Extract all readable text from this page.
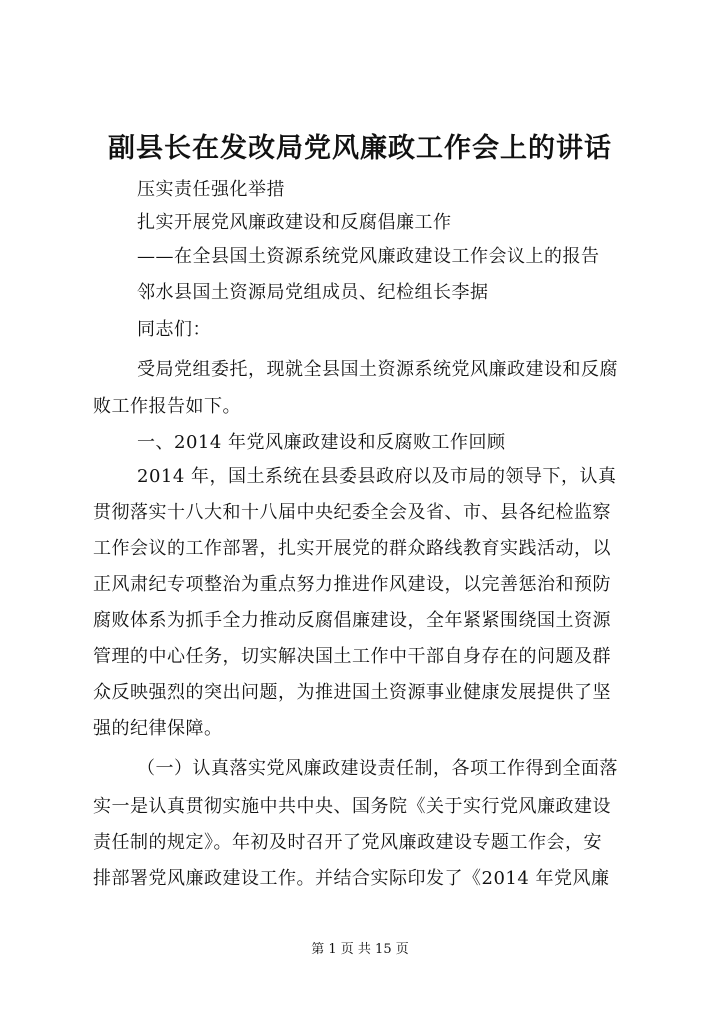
副县长在发改局党风廉政工作会上的讲话
压实责任强化举措
扎实开展党风廉政建设和反腐倡廉工作
——在全县国土资源系统党风廉政建设工作会议上的报告
邻水县国土资源局党组成员、纪检组长李据
同志们：
受局党组委托，现就全县国土资源系统党风廉政建设和反腐
败工作报告如下。
一、2014 年党风廉政建设和反腐败工作回顾
2014 年，国土系统在县委县政府以及市局的领导下，认真
贯彻落实十八大和十八届中央纪委全会及省、市、县各纪检监察
工作会议的工作部署，扎实开展党的群众路线教育实践活动，以
正风肃纪专项整治为重点努力推进作风建设，以完善惩治和预防
腐败体系为抓手全力推动反腐倡廉建设，全年紧紧围绕国土资源
管理的中心任务，切实解决国土工作中干部自身存在的问题及群
众反映强烈的突出问题，为推进国土资源事业健康发展提供了坚
强的纪律保障。
（一）认真落实党风廉政建设责任制，各项工作得到全面落
实一是认真贯彻实施中共中央、国务院《关于实行党风廉政建设
责任制的规定》。年初及时召开了党风廉政建设专题工作会，安
排部署党风廉政建设工作。并结合实际印发了《2014 年党风廉
第 1 页 共 15 页
